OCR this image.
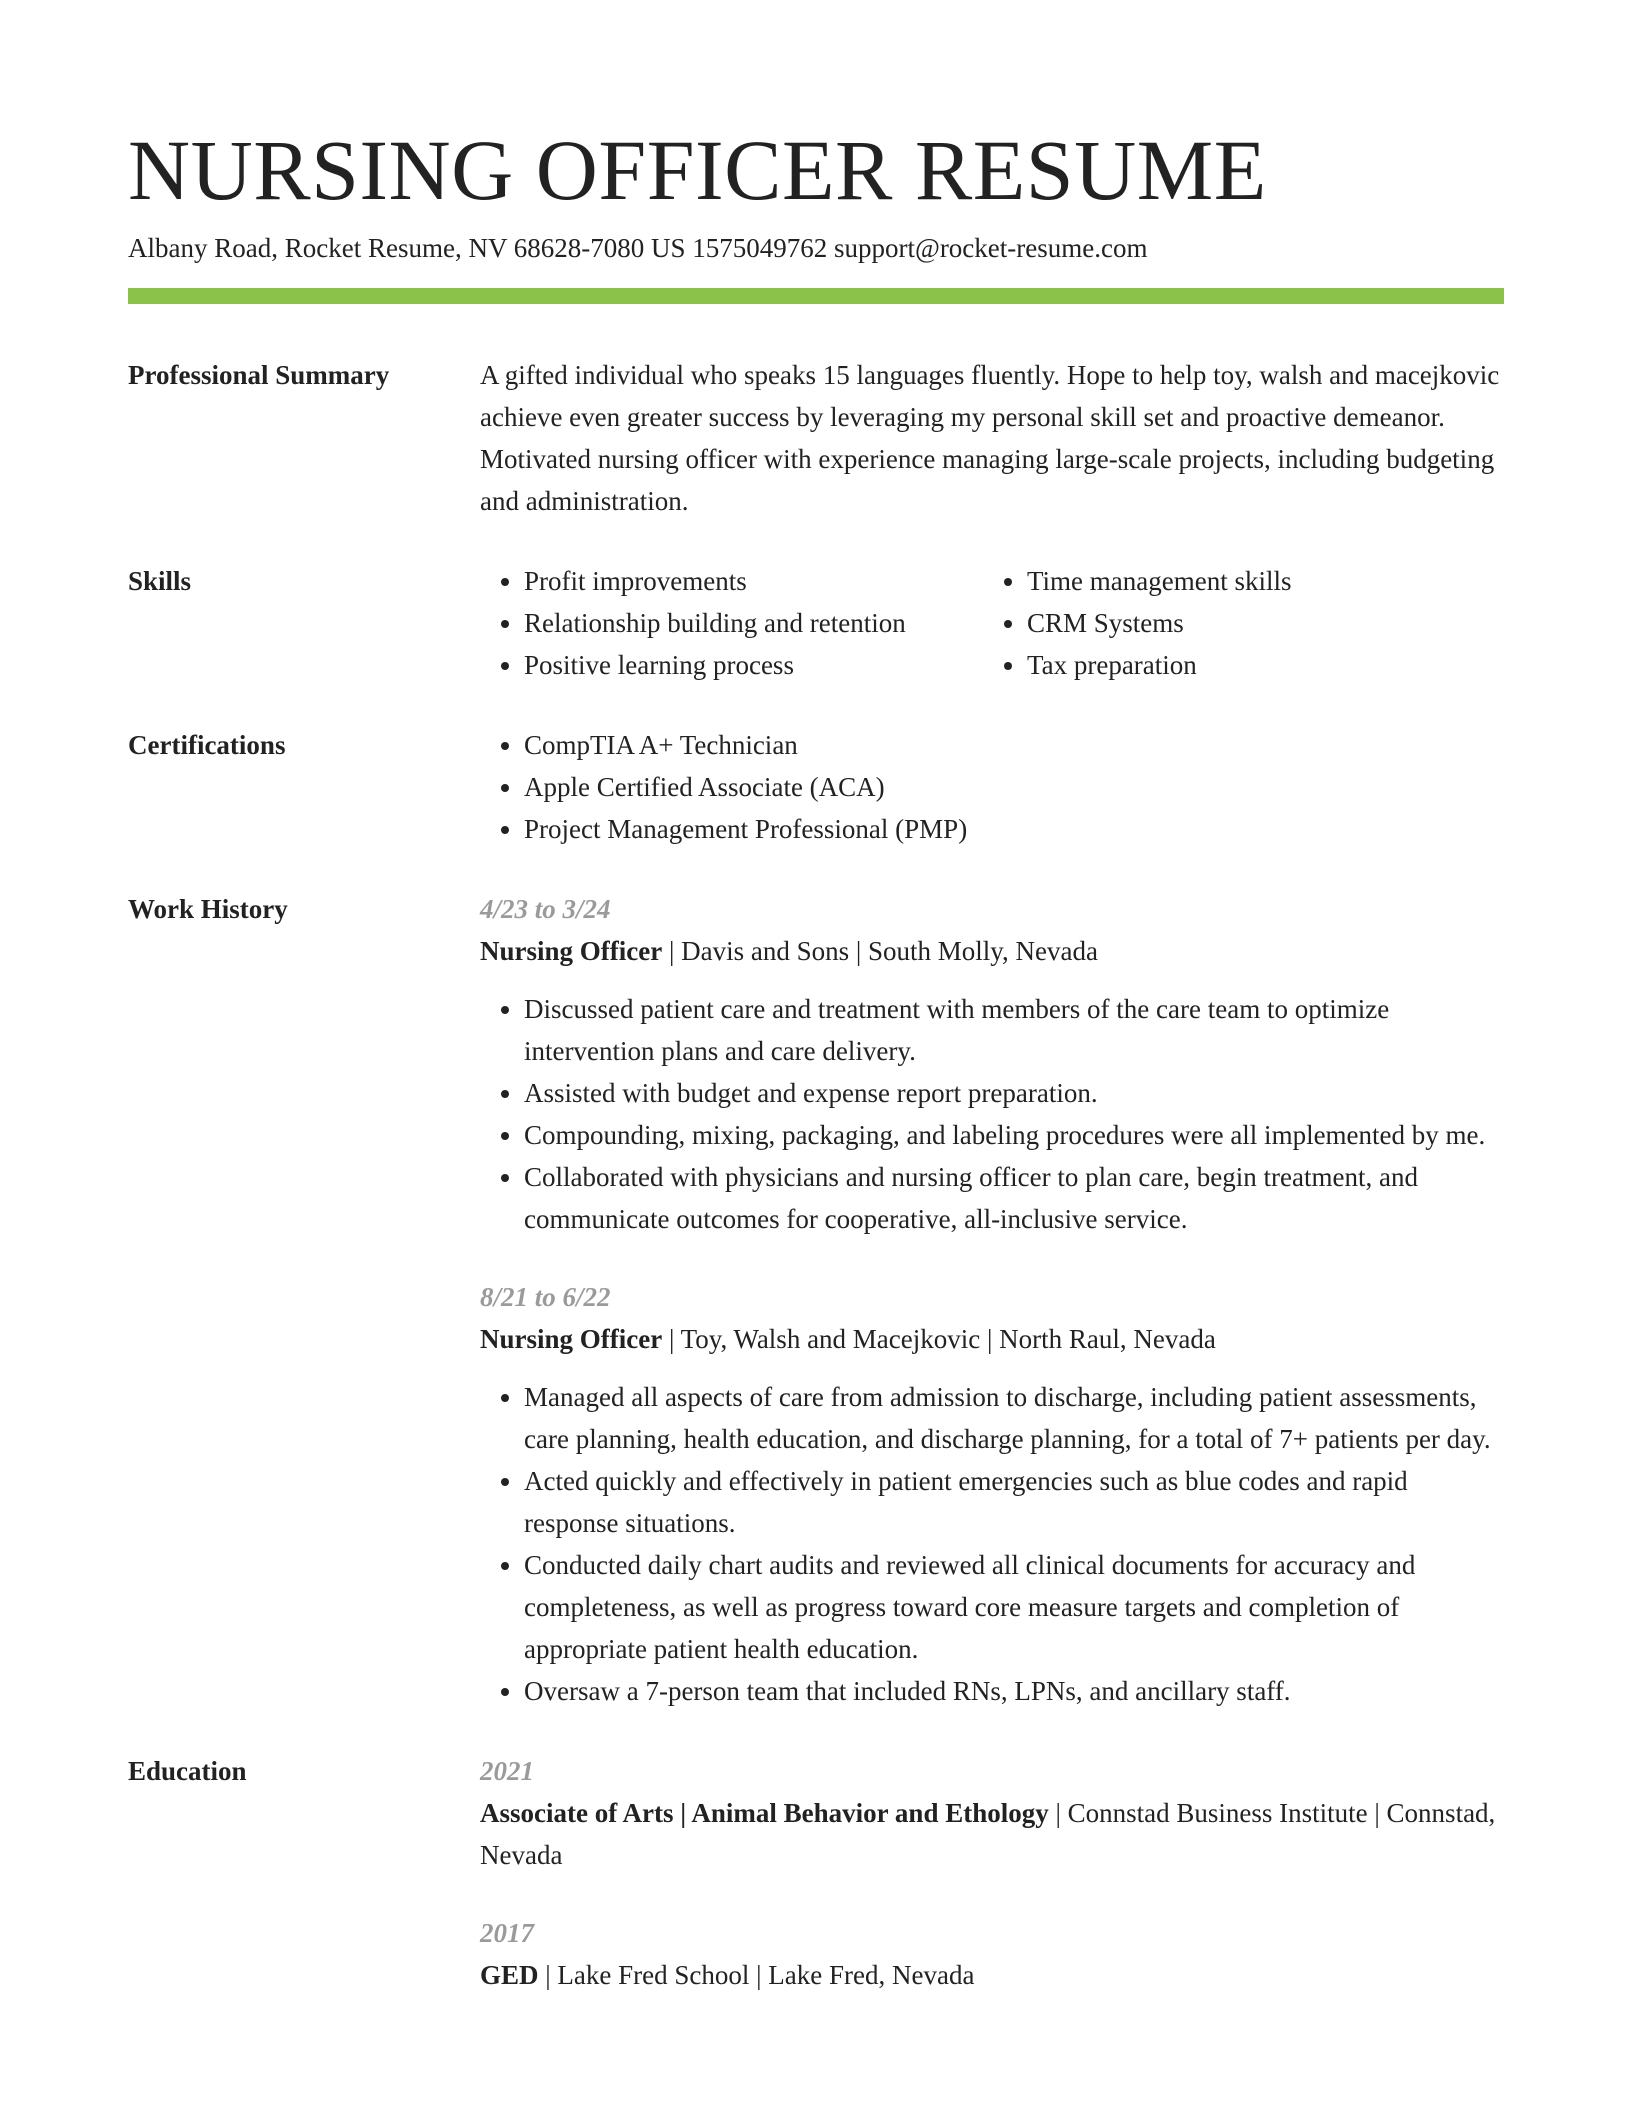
NURSING OFFICER RESUME
Albany Road, Rocket Resume, NV 68628-7080 US 1575049762 support@rocket-resume.com
Professional Summary	A gifted individual who speaks 15 languages fluently. Hope to help toy, walsh and macejkovic achieve even greater success by leveraging my personal skill set and proactive demeanor. Motivated nursing officer with experience managing large-scale projects, including budgeting and administration.

Skills	• Profit improvements
• Relationship building and retention
• Positive learning process
• Time management skills
• CRM Systems
• Tax preparation
Certifications	• CompTIA A+ Technician
• Apple Certified Associate (ACA)
• Project Management Professional (PMP)
Work History	4/23 to 3/24
Nursing Officer | Davis and Sons | South Molly, Nevada
• Discussed patient care and treatment with members of the care team to optimize intervention plans and care delivery.
• Assisted with budget and expense report preparation.
• Compounding, mixing, packaging, and labeling procedures were all implemented by me.
• Collaborated with physicians and nursing officer to plan care, begin treatment, and communicate outcomes for cooperative, all-inclusive service.
8/21 to 6/22
Nursing Officer | Toy, Walsh and Macejkovic | North Raul, Nevada
• Managed all aspects of care from admission to discharge, including patient assessments, care planning, health education, and discharge planning, for a total of 7+ patients per day.
• Acted quickly and effectively in patient emergencies such as blue codes and rapid response situations.
• Conducted daily chart audits and reviewed all clinical documents for accuracy and completeness, as well as progress toward core measure targets and completion of appropriate patient health education.
• Oversaw a 7-person team that included RNs, LPNs, and ancillary staff.
Education	2021
Associate of Arts | Animal Behavior and Ethology | Connstad Business Institute | Connstad, Nevada
2017
GED | Lake Fred School | Lake Fred, Nevada
